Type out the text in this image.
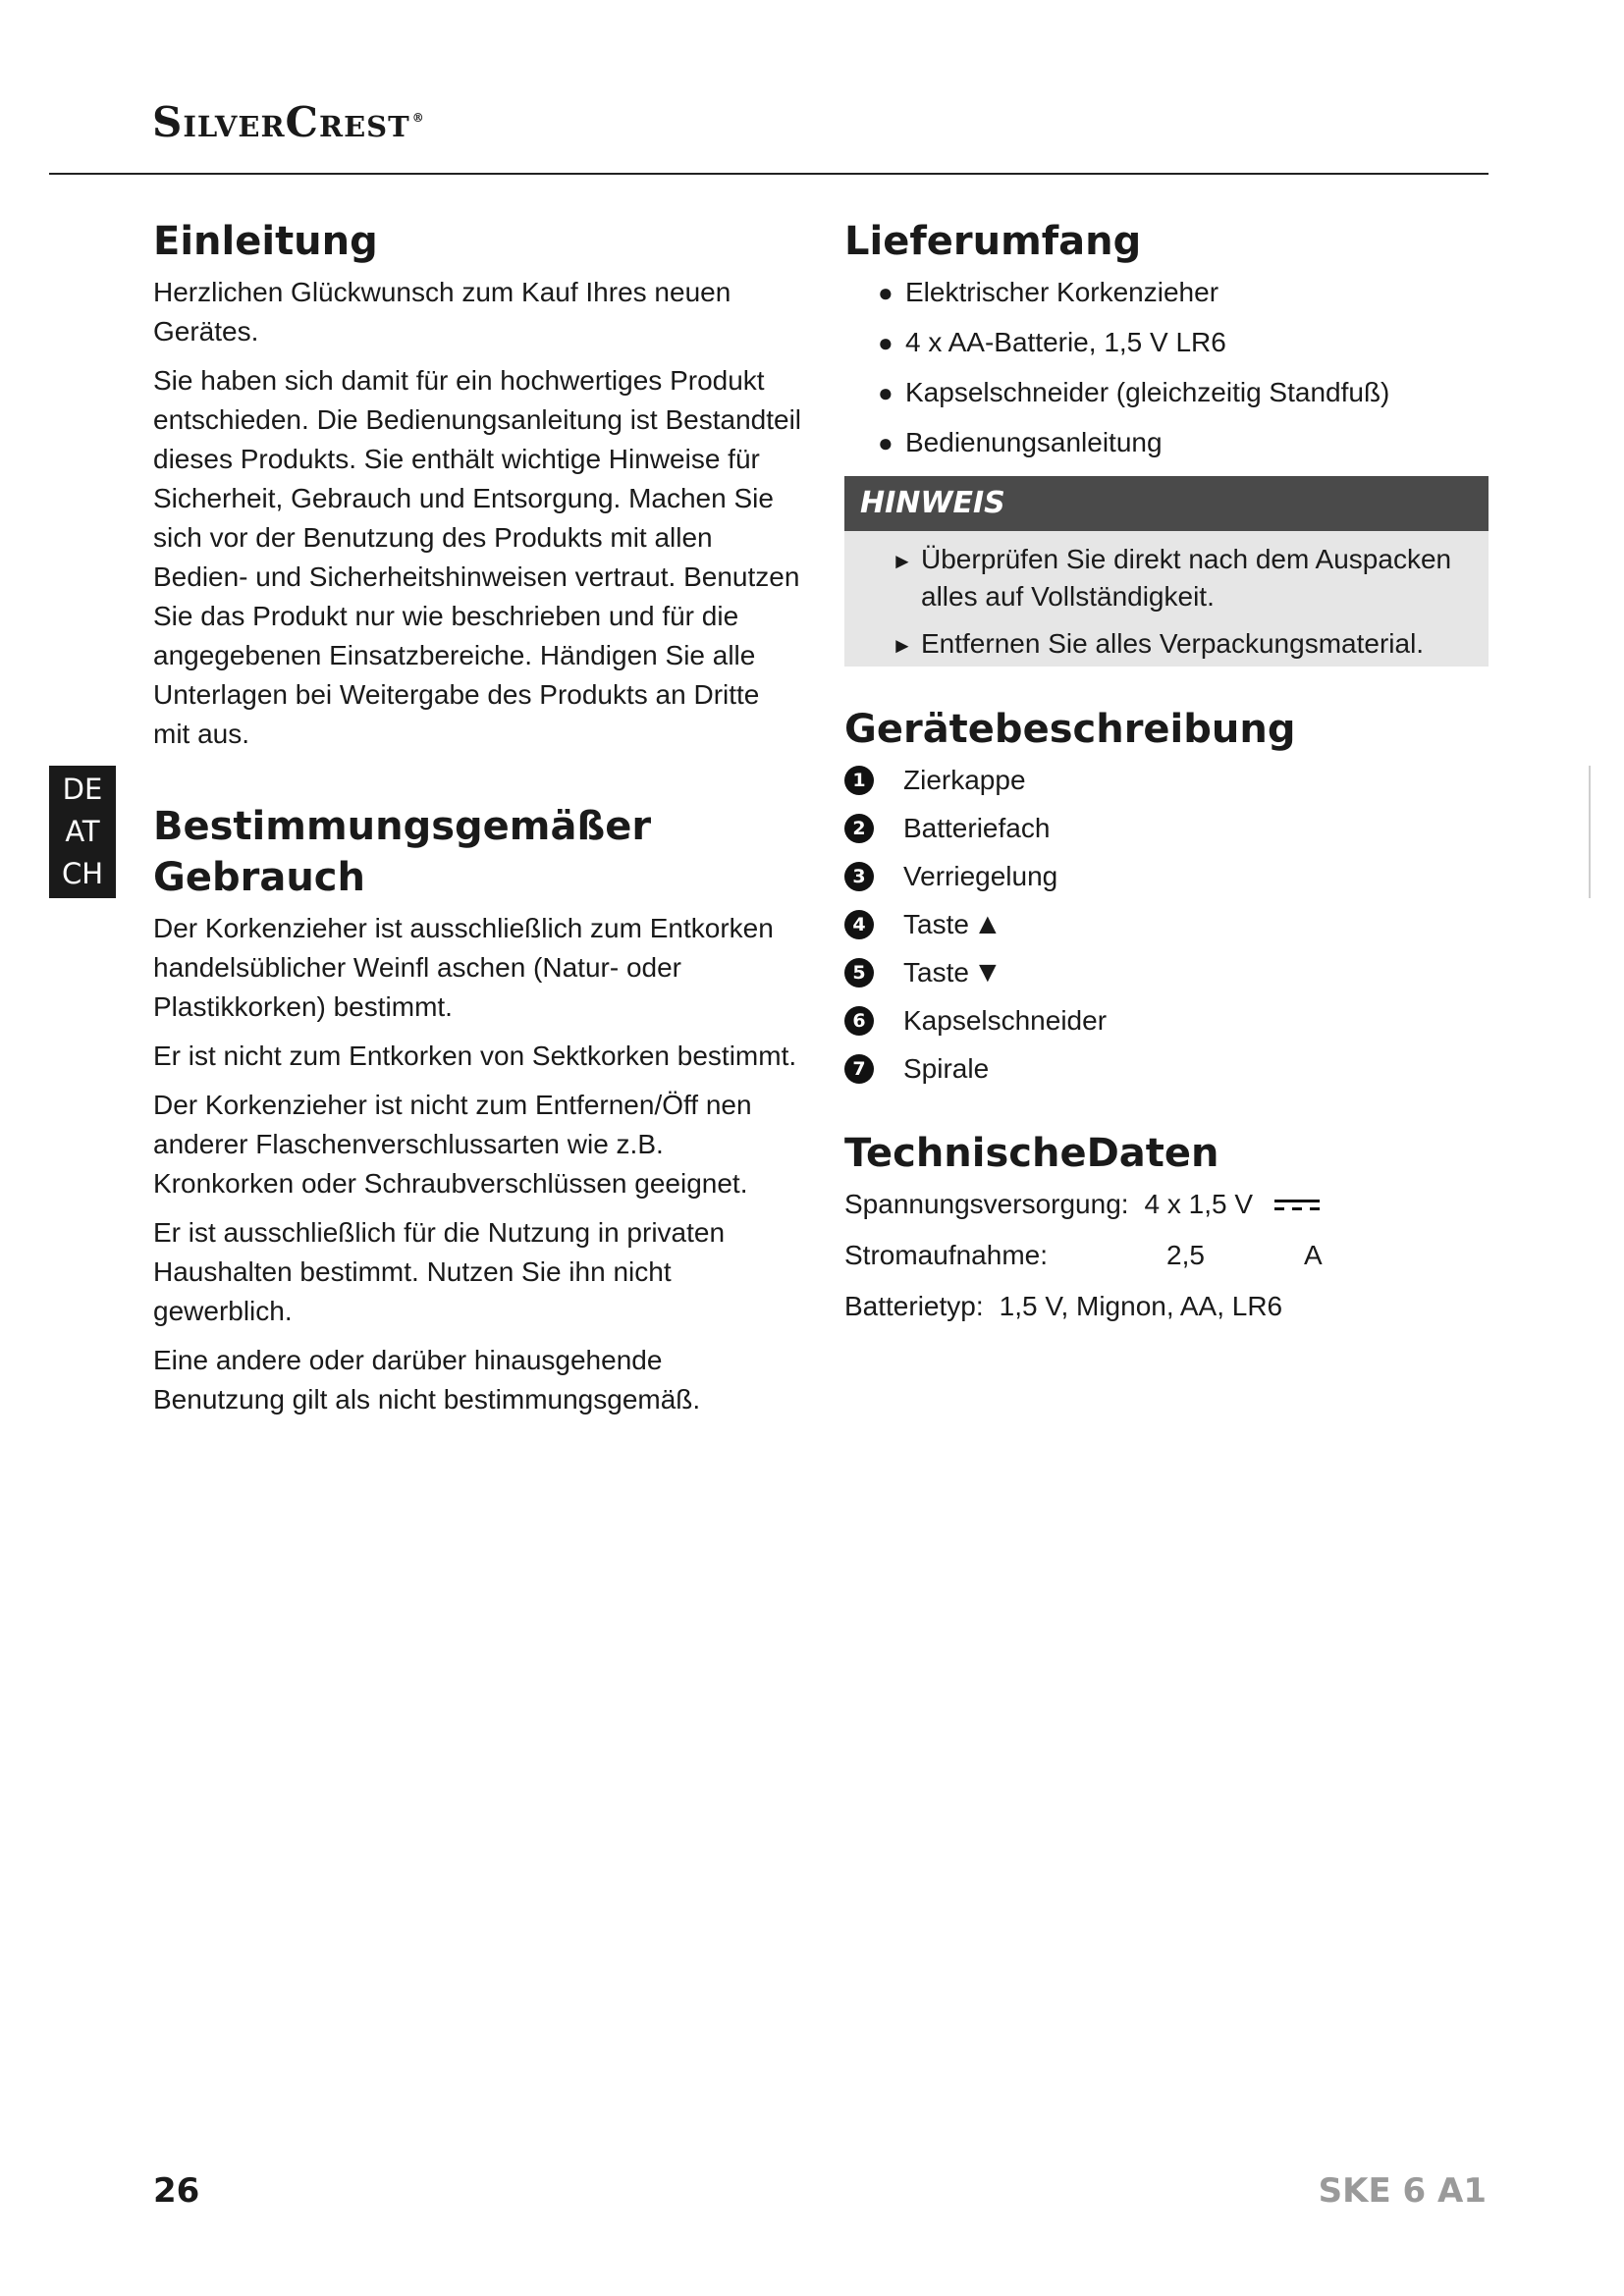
SilverCrest ®
DE
AT
CH
Einleitung

Herzlichen Glückwunsch zum Kauf Ihres neuen Gerätes.

Sie haben sich damit für ein hochwertiges Produkt entschieden. Die Bedienungsanleitung ist Bestandteil dieses Produkts. Sie enthält wichtige Hinweise für Sicherheit, Gebrauch und Entsorgung. Machen Sie sich vor der Benutzung des Produkts mit allen Bedien- und Sicherheitshinweisen vertraut. Benutzen Sie das Produkt nur wie beschrieben und für die angegebenen Einsatzbereiche. Händigen Sie alle Unterlagen bei Weitergabe des Produkts an Dritte mit aus.

Bestimmungsgemäßer
Gebrauch

Der Korkenzieher ist ausschließlich zum Entkorken handelsüblicher Weinfl aschen (Natur- oder Plastikkorken) bestimmt.

Er ist nicht zum Entkorken von Sektkorken bestimmt.

Der Korkenzieher ist nicht zum Entfernen/Öff nen anderer Flaschenverschlussarten wie z.B. Kronkorken oder Schraubverschlüssen geeignet.

Er ist ausschließlich für die Nutzung in privaten Haushalten bestimmt. Nutzen Sie ihn nicht gewerblich.

Eine andere oder darüber hinausgehende Benutzung gilt als nicht bestimmungsgemäß.

Lieferumfang
● Elektrischer Korkenzieher
● 4 x AA-Batterie, 1,5 V LR6
● Kapselschneider (gleichzeitig Standfuß)
● Bedienungsanleitung
HINWEIS
► Überprüfen Sie direkt nach dem Auspacken alles auf Vollständigkeit.
► Entfernen Sie alles Verpackungsmaterial.
Gerätebeschreibung
1 Zierkappe
2 Batteriefach
3 Verriegelung
4 Taste ▲
5 Taste ▼
6 Kapselschneider
7 Spirale
TechnischeDaten
Spannungsversorgung: 4 x 1,5 V
Stromaufnahme:	2,5	A
Batterietyp: 1,5 V, Mignon, AA, LR6
26	SKE 6 A1
